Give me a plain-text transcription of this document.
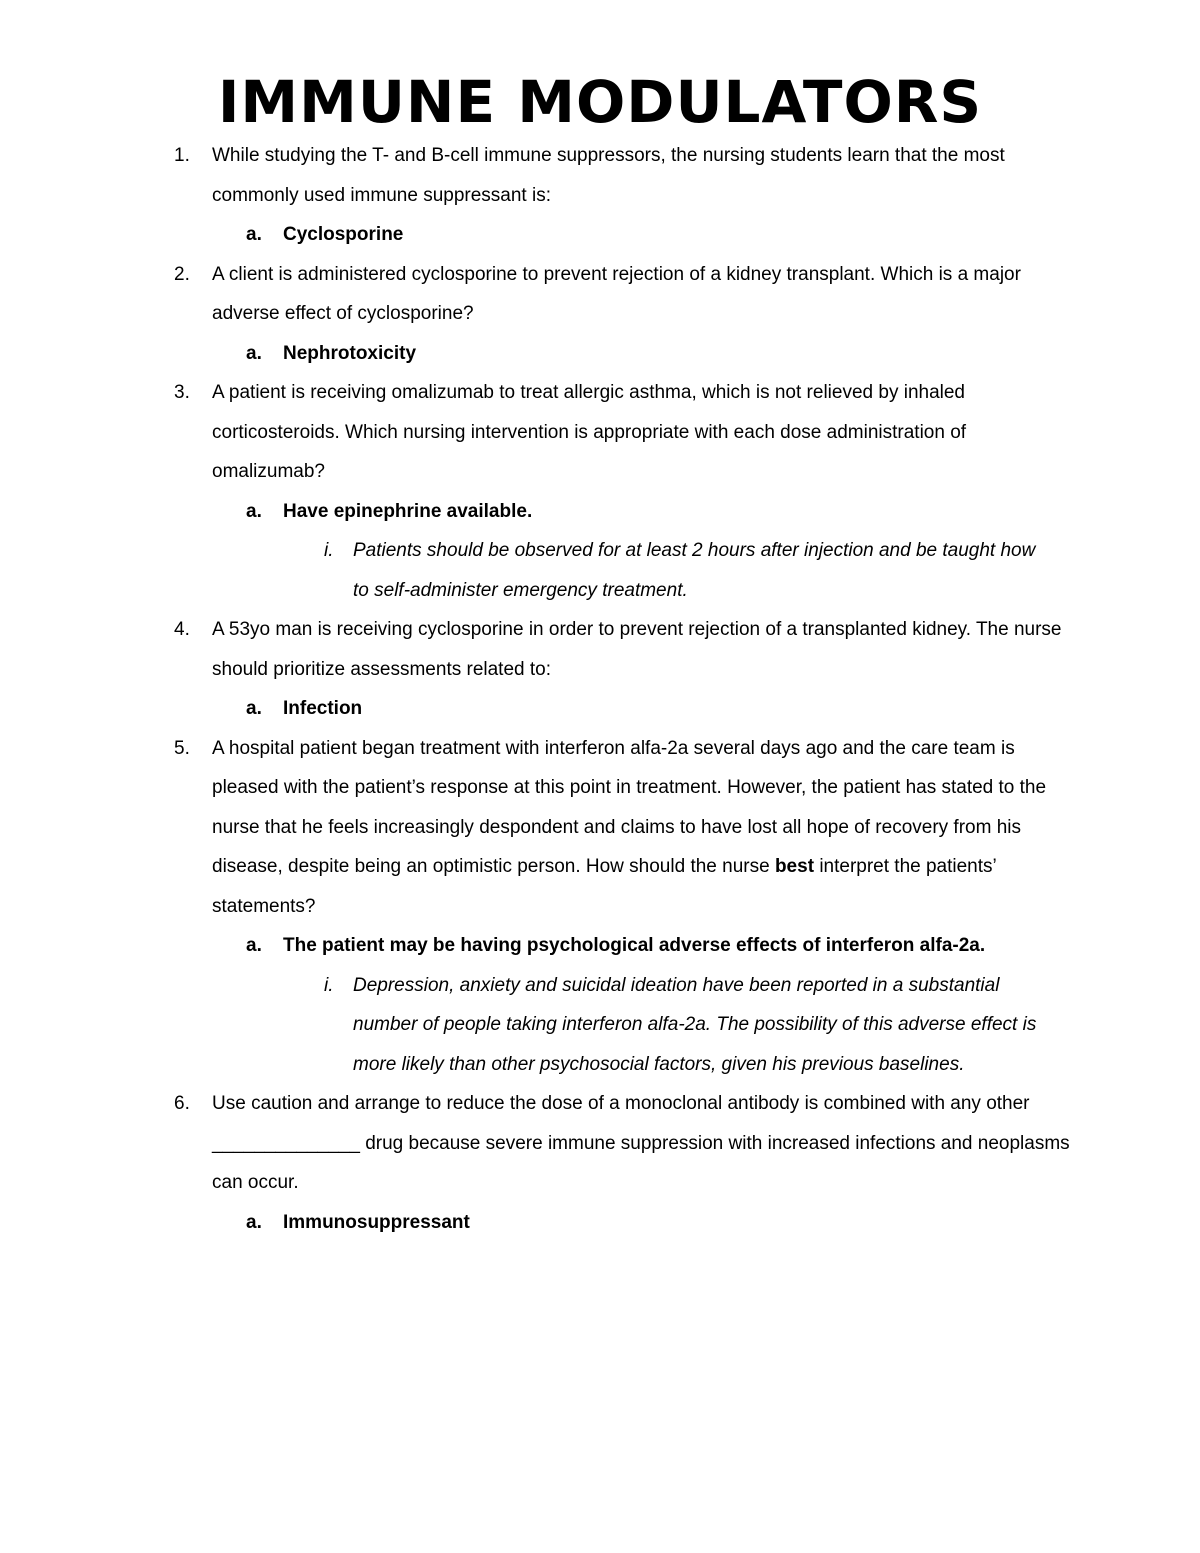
IMMUNE MODULATORS
1.	While studying the T- and B-cell immune suppressors, the nursing students learn that the most commonly used immune suppressant is:
a. Cyclosporine
2.	A client is administered cyclosporine to prevent rejection of a kidney transplant. Which is a major adverse effect of cyclosporine?
a. Nephrotoxicity
3.	A patient is receiving omalizumab to treat allergic asthma, which is not relieved by inhaled corticosteroids. Which nursing intervention is appropriate with each dose administration of omalizumab?
a. Have epinephrine available.
i. Patients should be observed for at least 2 hours after injection and be taught how to self-administer emergency treatment.
4.	A 53yo man is receiving cyclosporine in order to prevent rejection of a transplanted kidney. The nurse should prioritize assessments related to:
a. Infection
5.	A hospital patient began treatment with interferon alfa-2a several days ago and the care team is pleased with the patient’s response at this point in treatment. However, the patient has stated to the nurse that he feels increasingly despondent and claims to have lost all hope of recovery from his disease, despite being an optimistic person. How should the nurse best interpret the patients’ statements?
a. The patient may be having psychological adverse effects of interferon alfa-2a.
i. Depression, anxiety and suicidal ideation have been reported in a substantial number of people taking interferon alfa-2a. The possibility of this adverse effect is more likely than other psychosocial factors, given his previous baselines.
6.	Use caution and arrange to reduce the dose of a monoclonal antibody is combined with any other ______________ drug because severe immune suppression with increased infections and neoplasms can occur.
a. Immunosuppressant
